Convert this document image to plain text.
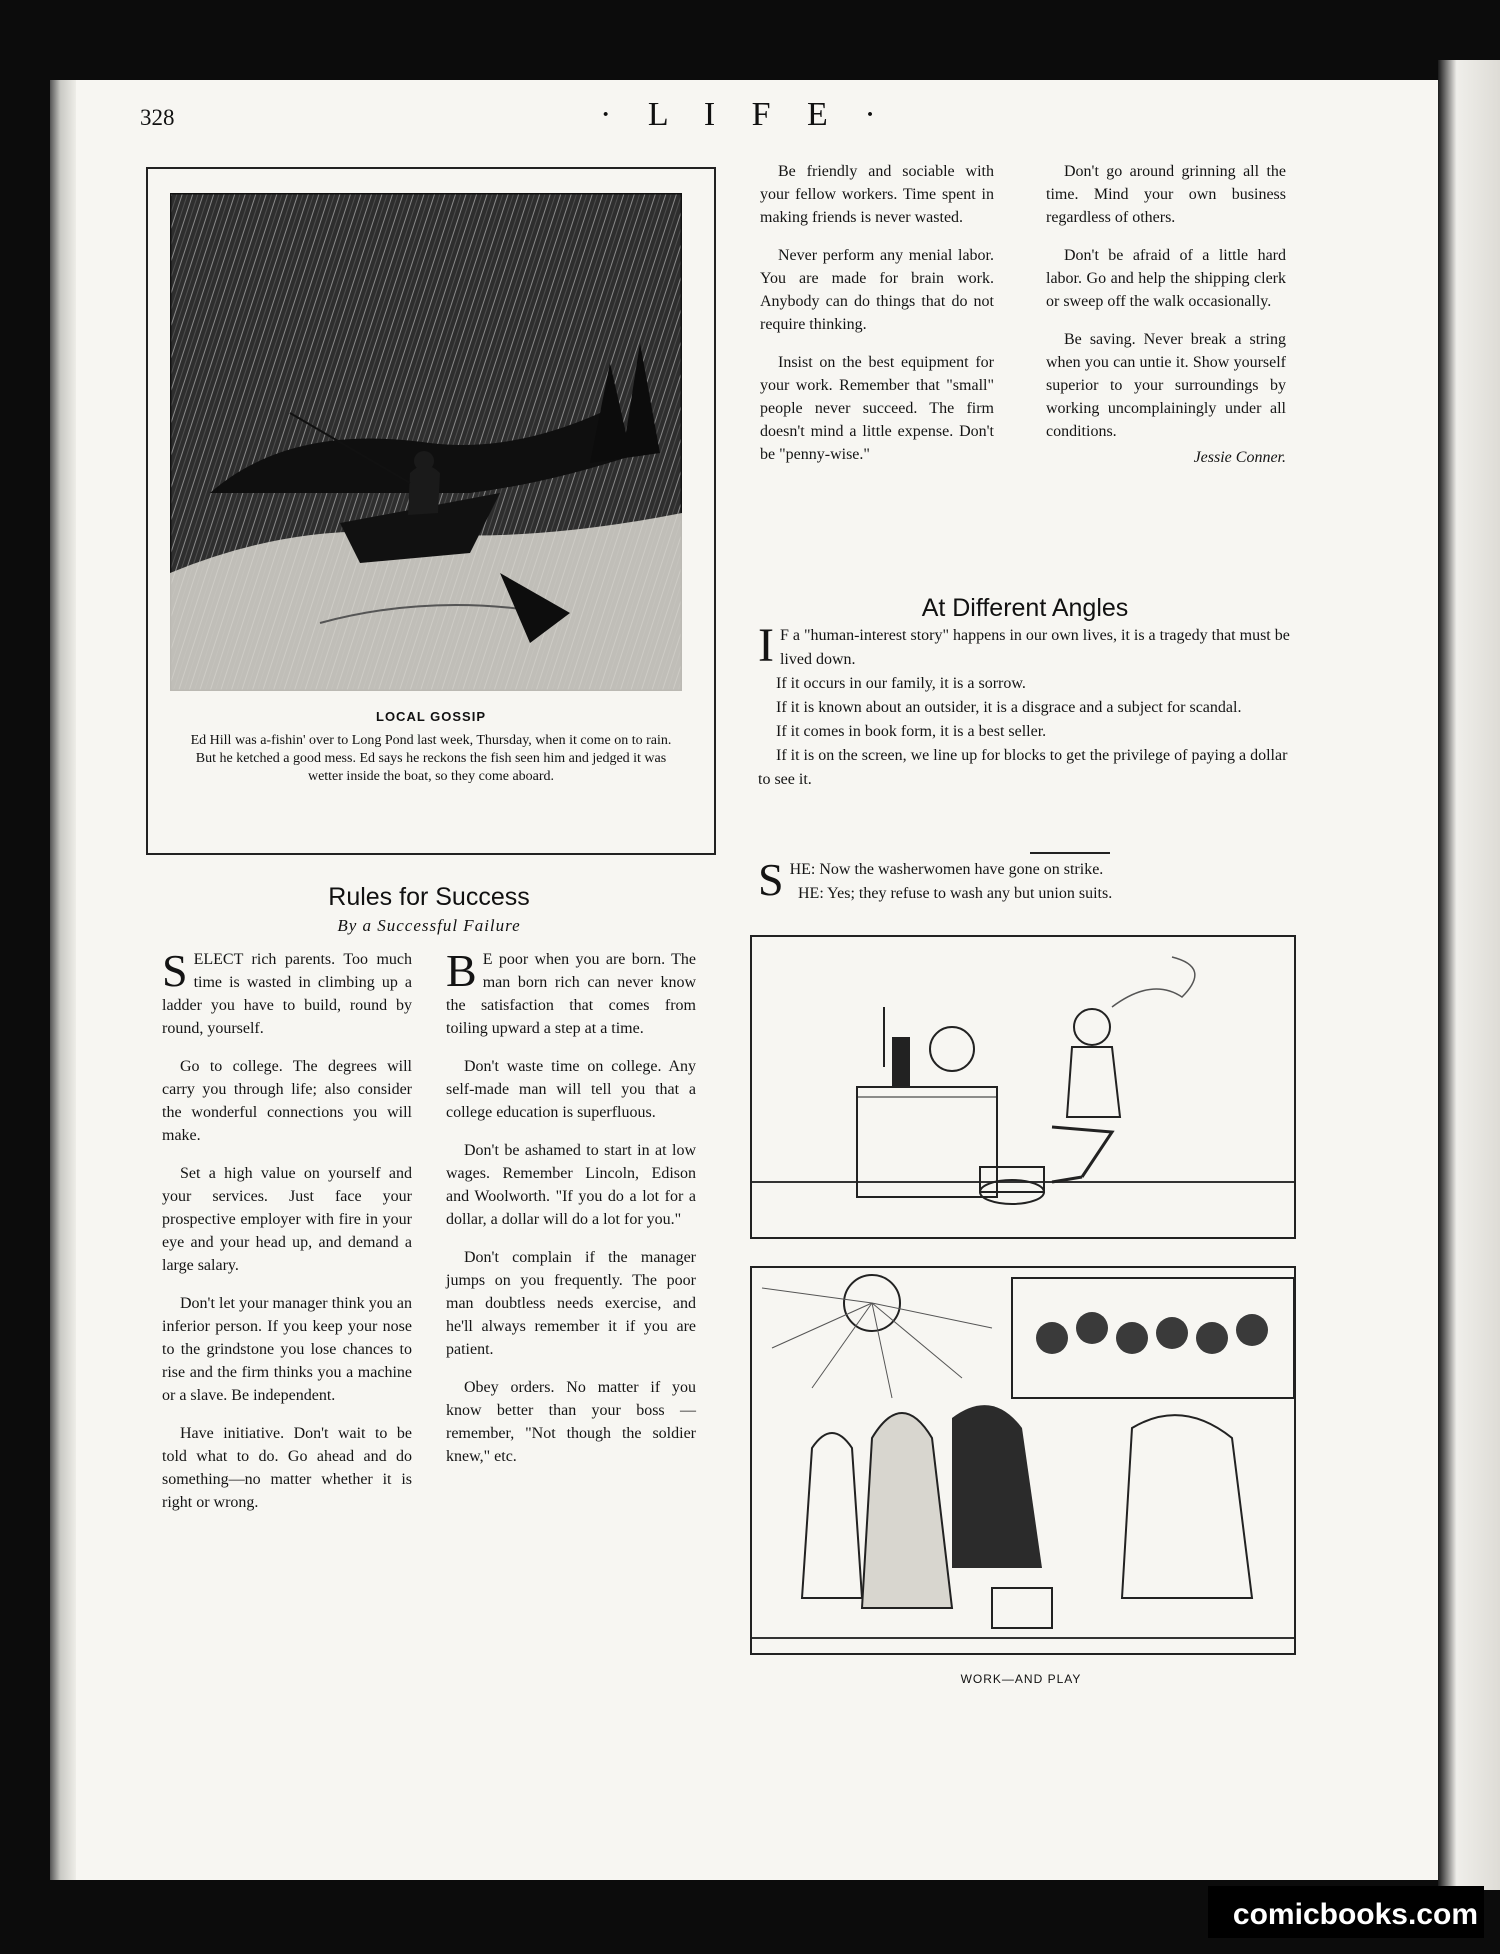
328	· L I F E ·
LOCAL GOSSIP
Ed Hill was a-fishin' over to Long Pond last week, Thursday, when it come on to rain. But he ketched a good mess. Ed says he reckons the fish seen him and jedged it was wetter inside the boat, so they come aboard.

Be friendly and sociable with your fellow workers. Time spent in making friends is never wasted.

Never perform any menial labor. You are made for brain work. Anybody can do things that do not require thinking.

Insist on the best equipment for your work. Remember that "small" people never succeed. The firm doesn't mind a little expense. Don't be "penny-wise."

Don't go around grinning all the time. Mind your own business regardless of others.

Don't be afraid of a little hard labor. Go and help the shipping clerk or sweep off the walk occasionally.

Be saving. Never break a string when you can untie it. Show yourself superior to your surroundings by working uncomplainingly under all conditions.

Jessie Conner.
At Different Angles

I F a "human-interest story" happens in our own lives, it is a tragedy that must be lived down.

If it occurs in our family, it is a sorrow.

If it is known about an outsider, it is a disgrace and a subject for scandal.

If it comes in book form, it is a best seller.

If it is on the screen, we line up for blocks to get the privilege of paying a dollar to see it.

SHE: Now the washerwomen have gone on strike.
HE: Yes; they refuse to wash any but union suits.
Rules for Success
By a Successful Failure

SELECT rich parents. Too much time is wasted in climbing up a ladder you have to build, round by round, yourself.

Go to college. The degrees will carry you through life; also consider the wonderful connections you will make.

Set a high value on yourself and your services. Just face your prospective employer with fire in your eye and your head up, and demand a large salary.

Don't let your manager think you an inferior person. If you keep your nose to the grindstone you lose chances to rise and the firm thinks you a machine or a slave. Be independent.

Have initiative. Don't wait to be told what to do. Go ahead and do something—no matter whether it is right or wrong.

B E poor when you are born. The man born rich can never know the satisfaction that comes from toiling upward a step at a time.

Don't waste time on college. Any self-made man will tell you that a college education is superfluous.

Don't be ashamed to start in at low wages. Remember Lincoln, Edison and Woolworth. "If you do a lot for a dollar, a dollar will do a lot for you."

Don't complain if the manager jumps on you frequently. The poor man doubtless needs exercise, and he'll always remember it if you are patient.

Obey orders. No matter if you know better than your boss — remember, "Not though the soldier knew," etc.

WORK—AND PLAY
comicbooks.com
